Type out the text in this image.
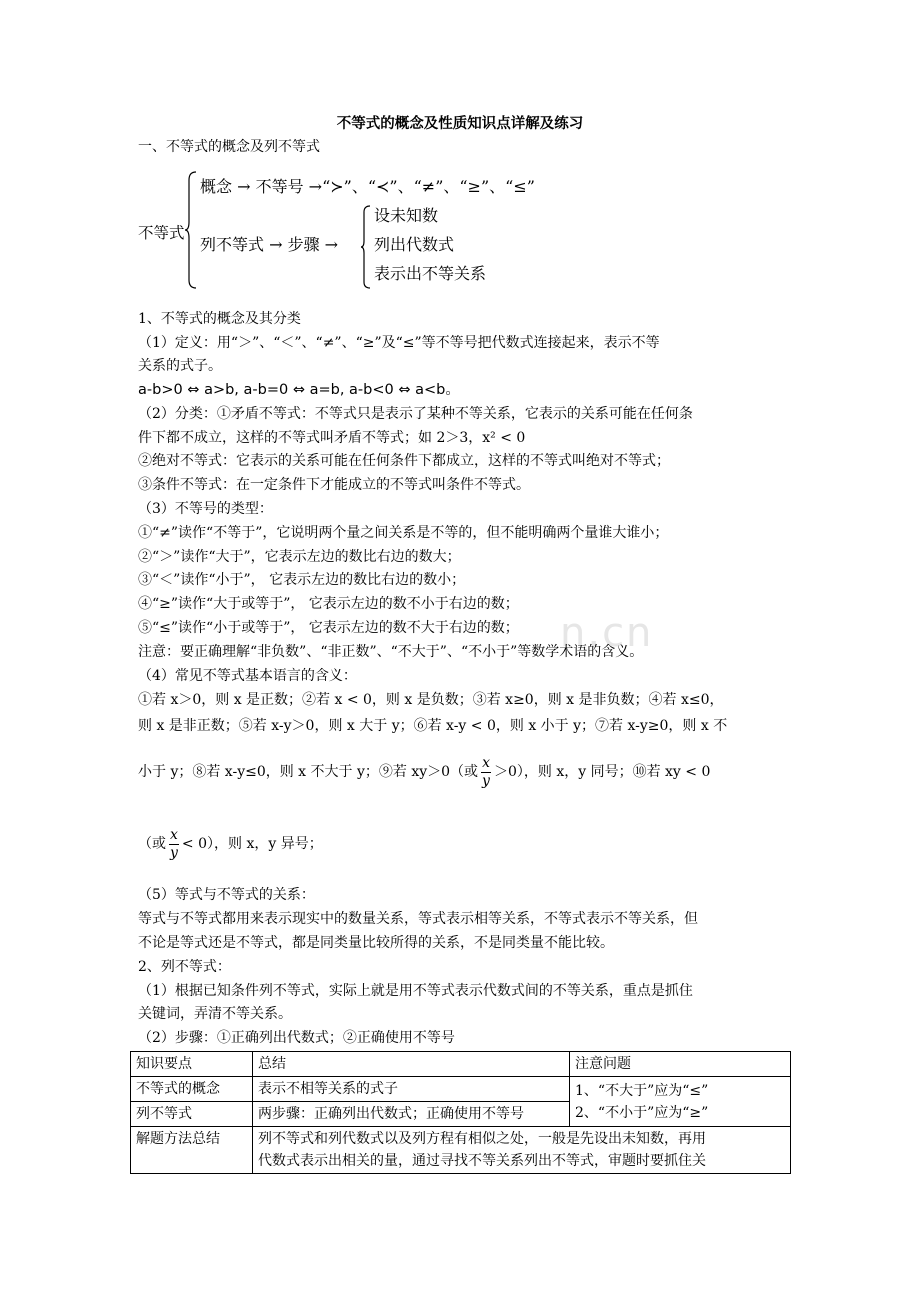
n.cn
不等式的概念及性质知识点详解及练习
一、不等式的概念及列不等式
不等式
概念 → 不等号 →“≻”、“≺”、“≠”、“≥”、“≤”
列不等式 → 步骤 →
设未知数
列出代数式
表示出不等关系
1、不等式的概念及其分类
（1）定义：用“＞”、“＜”、“≠”、“≥”及“≤”等不等号把代数式连接起来，表示不等
关系的式子。
a-b>0 ⇔ a>b, a-b=0 ⇔ a=b, a-b<0 ⇔ a<b。
（2）分类：①矛盾不等式：不等式只是表示了某种不等关系，它表示的关系可能在任何条
件下都不成立，这样的不等式叫矛盾不等式；如 2＞3，x² < 0
②绝对不等式：它表示的关系可能在任何条件下都成立，这样的不等式叫绝对不等式；
③条件不等式：在一定条件下才能成立的不等式叫条件不等式。
（3）不等号的类型：
①“≠”读作“不等于”，它说明两个量之间关系是不等的，但不能明确两个量谁大谁小；
②“＞”读作“大于”，它表示左边的数比右边的数大；
③“＜”读作“小于”， 它表示左边的数比右边的数小；
④“≥”读作“大于或等于”， 它表示左边的数不小于右边的数；
⑤“≤”读作“小于或等于”， 它表示左边的数不大于右边的数；
注意：要正确理解“非负数”、“非正数”、“不大于”、“不小于”等数学术语的含义。
（4）常见不等式基本语言的含义：
①若 x＞0，则 x 是正数；②若 x < 0，则 x 是负数；③若 x≥0，则 x 是非负数；④若 x≤0，
则 x 是非正数；⑤若 x-y＞0，则 x 大于 y；⑥若 x-y < 0，则 x 小于 y；⑦若 x-y≥0，则 x 不
小于 y；⑧若 x-y≤0，则 x 不大于 y；⑨若 xy＞0（或 $\frac{x}{y} >0$），则 x，y 同号；⑩若 xy < 0
（或 $\frac{x}{y} < 0$），则 x，y 异号；
（5）等式与不等式的关系：
等式与不等式都用来表示现实中的数量关系，等式表示相等关系，不等式表示不等关系，但
不论是等式还是不等式，都是同类量比较所得的关系，不是同类量不能比较。
2、列不等式：
（1）根据已知条件列不等式，实际上就是用不等式表示代数式间的不等关系，重点是抓住
关键词，弄清不等关系。
（2）步骤：①正确列出代数式；②正确使用不等号
知识要点	总结	注意问题
不等式的概念	表示不相等关系的式子	1、“不大于”应为“≤”
2、“不小于”应为“≥”

列不等式	两步骤：正确列出代数式；正确使用不等号	
解题方法总结	列不等式和列代数式以及列方程有相似之处，一般是先设出未知数，再用
代数式表示出相关的量，通过寻找不等关系列出不等式，审题时要抓住关	
